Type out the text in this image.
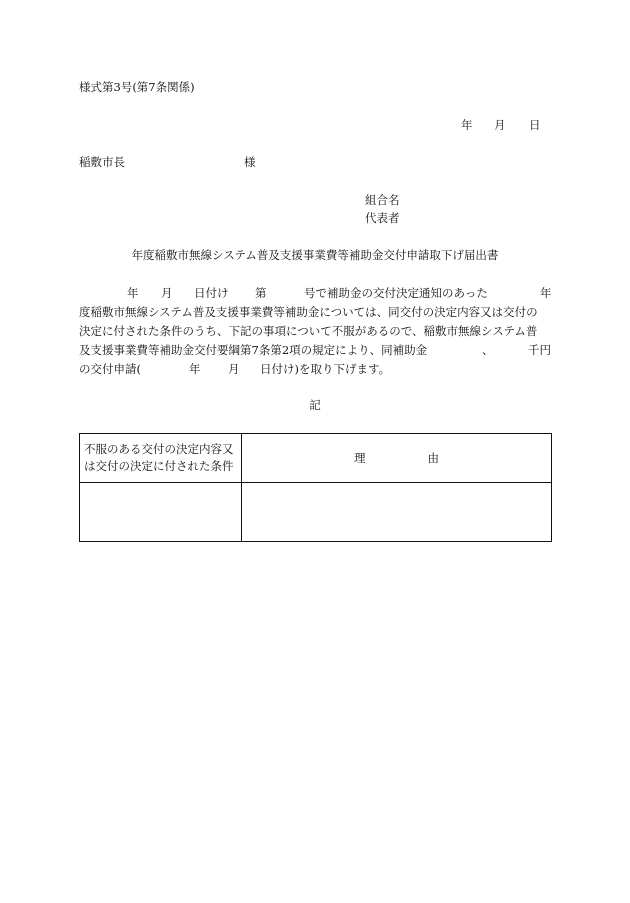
様式第3号(第7条関係)
年 月 日
稲敷市長	様
組合名
代表者
年度稲敷市無線システム普及支援事業費等補助金交付申請取下げ届出書
年 月 日付け 第	号で補助金の交付決定通知のあった	年
度稲敷市無線システム普及支援事業費等補助金については、同交付の決定内容又は交付の
決定に付された条件のうち、下記の事項について不服があるので、稲敷市無線システム普
及支援事業費等補助金交付要綱第7条第2項の規定により、同補助金	、	千円
の交付申請(	年 月 日付け)を取り下げます。
記
不服のある交付の決定内容又は交付の決定に付された条件	理 由
